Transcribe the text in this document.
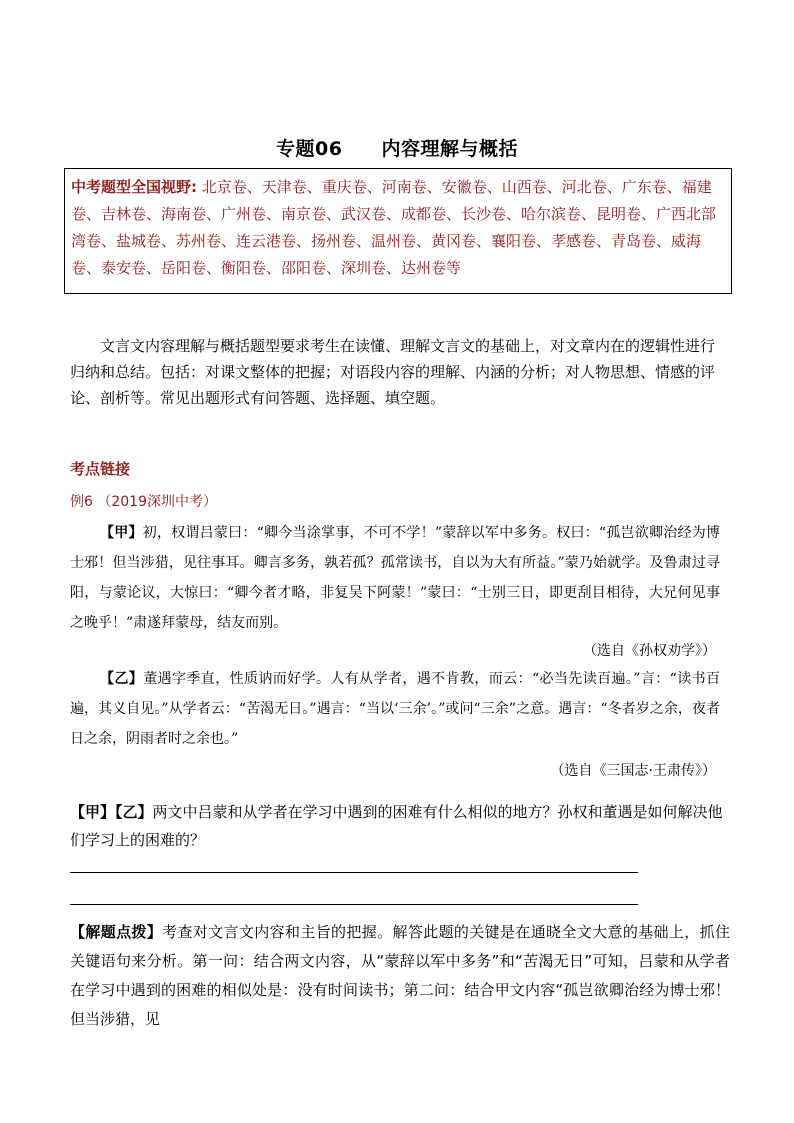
专题06　　内容理解与概括
中考题型全国视野: 北京卷、天津卷、重庆卷、河南卷、安徽卷、山西卷、河北卷、广东卷、福建卷、吉林卷、海南卷、广州卷、南京卷、武汉卷、成都卷、长沙卷、哈尔滨卷、昆明卷、广西北部湾卷、盐城卷、苏州卷、连云港卷、扬州卷、温州卷、黄冈卷、襄阳卷、孝感卷、青岛卷、威海卷、泰安卷、岳阳卷、衡阳卷、邵阳卷、深圳卷、达州卷等
文言文内容理解与概括题型要求考生在读懂、理解文言文的基础上，对文章内在的逻辑性进行归纳和总结。包括：对课文整体的把握；对语段内容的理解、内涵的分析；对人物思想、情感的评论、剖析等。常见出题形式有问答题、选择题、填空题。
考点链接
例6 （2019深圳中考）
【甲】初，权谓吕蒙曰：“卿今当涂掌事，不可不学！”蒙辞以军中多务。权曰：“孤岂欲卿治经为博士邪！但当涉猎，见往事耳。卿言多务，孰若孤？孤常读书，自以为大有所益。”蒙乃始就学。及鲁肃过寻阳，与蒙论议，大惊曰：“卿今者才略，非复吴下阿蒙！”蒙曰：“士别三日，即更刮目相待，大兄何见事之晚乎！”肃遂拜蒙母，结友而别。
（选自《孙权劝学》）
【乙】董遇字季直，性质讷而好学。人有从学者，遇不肯教，而云：“必当先读百遍。”言：“读书百遍，其义自见。”从学者云：“苦渴无日。”遇言：“当以‘三余’。”或问“三余”之意。遇言：“冬者岁之余，夜者日之余，阴雨者时之余也。”
（选自《三国志·王肃传》）
【甲】【乙】两文中吕蒙和从学者在学习中遇到的困难有什么相似的地方？孙权和董遇是如何解决他们学习上的困难的？
【解题点拨】考查对文言文内容和主旨的把握。解答此题的关键是在通晓全文大意的基础上，抓住关键语句来分析。第一问：结合两文内容，从“蒙辞以军中多务”和“苦渴无日”可知，吕蒙和从学者在学习中遇到的困难的相似处是：没有时间读书；第二问：结合甲文内容“孤岂欲卿治经为博士邪！但当涉猎，见
